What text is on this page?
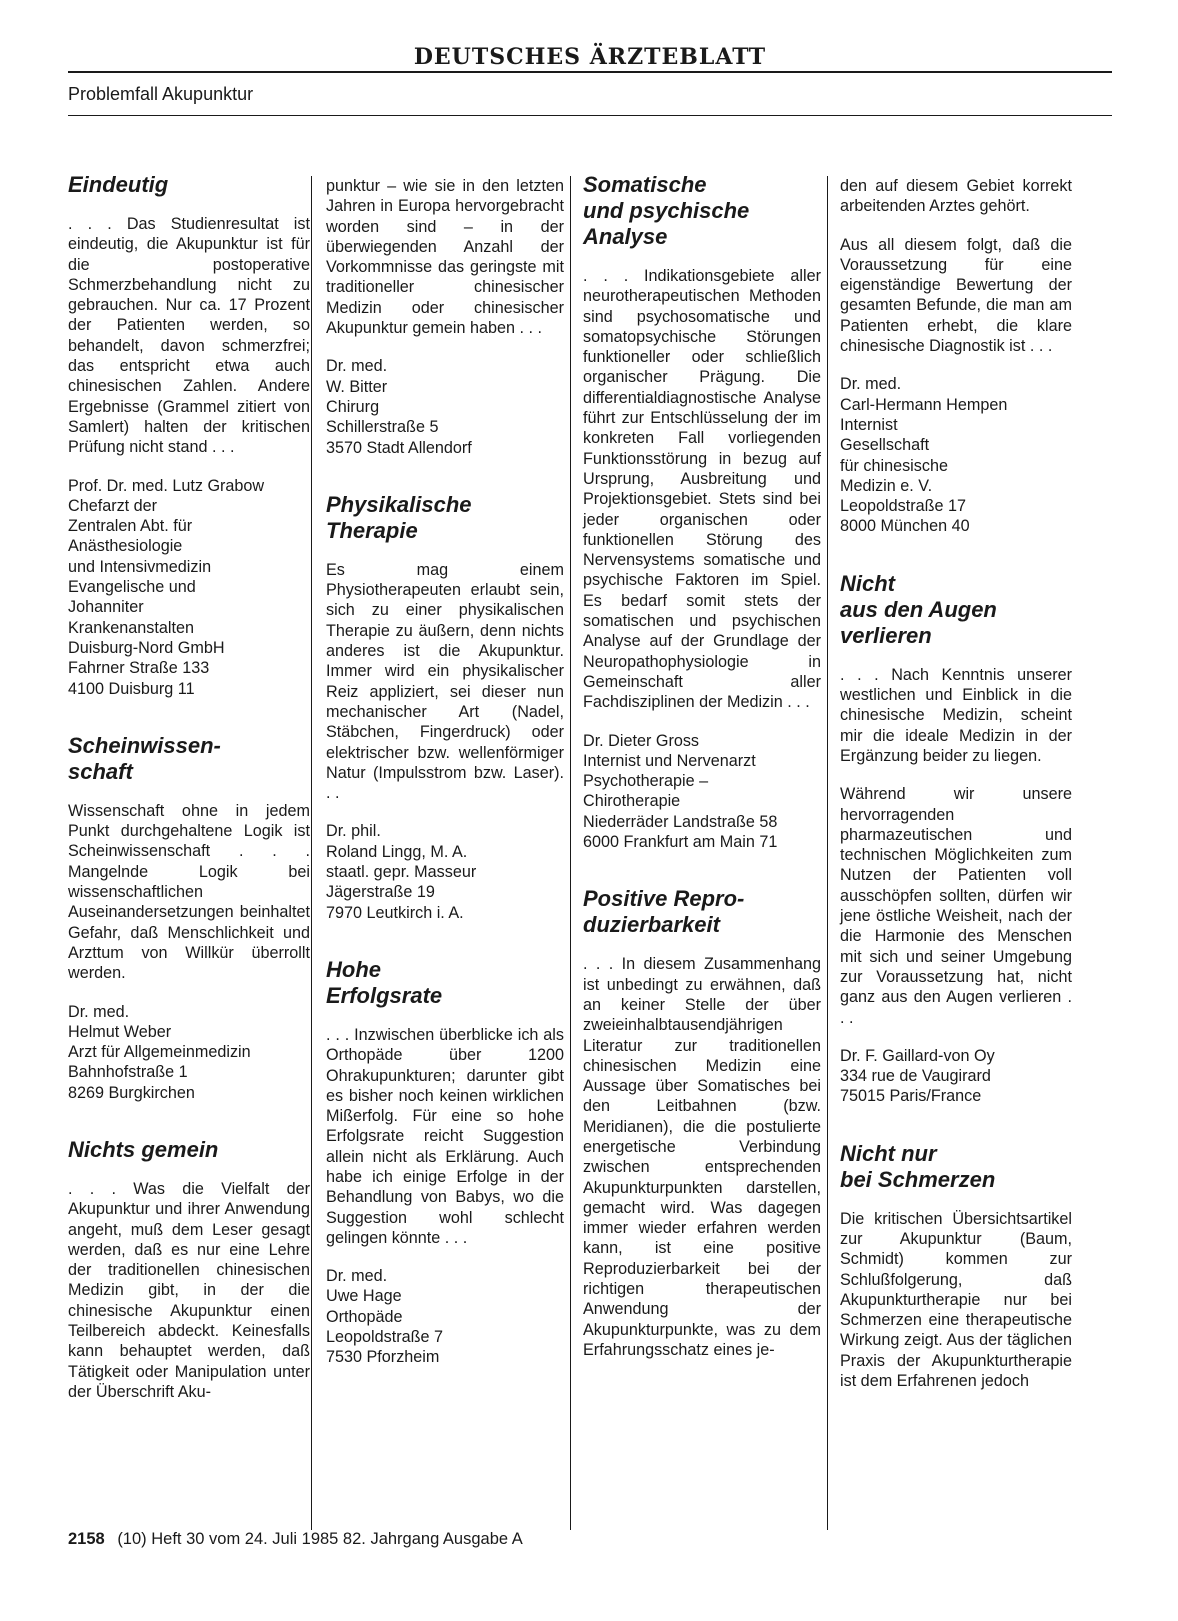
DEUTSCHES ÄRZTEBLATT
Problemfall Akupunktur
Eindeutig

. . . Das Studienresultat ist eindeutig, die Akupunktur ist für die postoperative Schmerzbehandlung nicht zu gebrauchen. Nur ca. 17 Prozent der Patienten werden, so behandelt, davon schmerzfrei; das entspricht etwa auch chinesischen Zahlen. Andere Ergebnisse (Grammel zitiert von Samlert) halten der kritischen Prüfung nicht stand . . .

Prof. Dr. med. Lutz Grabow
Chefarzt der
Zentralen Abt. für
Anästhesiologie
und Intensivmedizin
Evangelische und
Johanniter
Krankenanstalten
Duisburg-Nord GmbH
Fahrner Straße 133
4100 Duisburg 11

Scheinwissen-
schaft

Wissenschaft ohne in jedem Punkt durchgehaltene Logik ist Scheinwissenschaft . . . Mangelnde Logik bei wissenschaftlichen Auseinandersetzungen beinhaltet Gefahr, daß Menschlichkeit und Arzttum von Willkür überrollt werden.

Dr. med.
Helmut Weber
Arzt für Allgemeinmedizin
Bahnhofstraße 1
8269 Burgkirchen

Nichts gemein

. . . Was die Vielfalt der Akupunktur und ihrer Anwendung angeht, muß dem Leser gesagt werden, daß es nur eine Lehre der traditionellen chinesischen Medizin gibt, in der die chinesische Akupunktur einen Teilbereich abdeckt. Keinesfalls kann behauptet werden, daß Tätigkeit oder Manipulation unter der Überschrift Aku-

punktur – wie sie in den letzten Jahren in Europa hervorgebracht worden sind – in der überwiegenden Anzahl der Vorkommnisse das geringste mit traditioneller chinesischer Medizin oder chinesischer Akupunktur gemein haben . . .

Dr. med.
W. Bitter
Chirurg
Schillerstraße 5
3570 Stadt Allendorf

Physikalische
Therapie

Es mag einem Physiotherapeuten erlaubt sein, sich zu einer physikalischen Therapie zu äußern, denn nichts anderes ist die Akupunktur. Immer wird ein physikalischer Reiz appliziert, sei dieser nun mechanischer Art (Nadel, Stäbchen, Fingerdruck) oder elektrischer bzw. wellenförmiger Natur (Impulsstrom bzw. Laser). . .

Dr. phil.
Roland Lingg, M. A.
staatl. gepr. Masseur
Jägerstraße 19
7970 Leutkirch i. A.

Hohe
Erfolgsrate

. . . Inzwischen überblicke ich als Orthopäde über 1200 Ohrakupunkturen; darunter gibt es bisher noch keinen wirklichen Mißerfolg. Für eine so hohe Erfolgsrate reicht Suggestion allein nicht als Erklärung. Auch habe ich einige Erfolge in der Behandlung von Babys, wo die Suggestion wohl schlecht gelingen könnte . . .

Dr. med.
Uwe Hage
Orthopäde
Leopoldstraße 7
7530 Pforzheim

Somatische
und psychische
Analyse

. . . Indikationsgebiete aller neurotherapeutischen Methoden sind psychosomatische und somatopsychische Störungen funktioneller oder schließlich organischer Prägung. Die differentialdiagnostische Analyse führt zur Entschlüsselung der im konkreten Fall vorliegenden Funktionsstörung in bezug auf Ursprung, Ausbreitung und Projektionsgebiet. Stets sind bei jeder organischen oder funktionellen Störung des Nervensystems somatische und psychische Faktoren im Spiel. Es bedarf somit stets der somatischen und psychischen Analyse auf der Grundlage der Neuropathophysiologie in Gemeinschaft aller Fachdisziplinen der Medizin . . .

Dr. Dieter Gross
Internist und Nervenarzt
Psychotherapie –
Chirotherapie
Niederräder Landstraße 58
6000 Frankfurt am Main 71

Positive Repro-
duzierbarkeit

. . . In diesem Zusammenhang ist unbedingt zu erwähnen, daß an keiner Stelle der über zweieinhalbtausendjährigen Literatur zur traditionellen chinesischen Medizin eine Aussage über Somatisches bei den Leitbahnen (bzw. Meridianen), die die postulierte energetische Verbindung zwischen entsprechenden Akupunkturpunkten darstellen, gemacht wird. Was dagegen immer wieder erfahren werden kann, ist eine positive Reproduzierbarkeit bei der richtigen therapeutischen Anwendung der Akupunkturpunkte, was zu dem Erfahrungsschatz eines je-

den auf diesem Gebiet korrekt arbeitenden Arztes gehört.

Aus all diesem folgt, daß die Voraussetzung für eine eigenständige Bewertung der gesamten Befunde, die man am Patienten erhebt, die klare chinesische Diagnostik ist . . .

Dr. med.
Carl-Hermann Hempen
Internist
Gesellschaft
für chinesische
Medizin e. V.
Leopoldstraße 17
8000 München 40

Nicht
aus den Augen
verlieren

. . . Nach Kenntnis unserer westlichen und Einblick in die chinesische Medizin, scheint mir die ideale Medizin in der Ergänzung beider zu liegen.

Während wir unsere hervorragenden pharmazeutischen und technischen Möglichkeiten zum Nutzen der Patienten voll ausschöpfen sollten, dürfen wir jene östliche Weisheit, nach der die Harmonie des Menschen mit sich und seiner Umgebung zur Voraussetzung hat, nicht ganz aus den Augen verlieren . . .

Dr. F. Gaillard-von Oy
334 rue de Vaugirard
75015 Paris/France

Nicht nur
bei Schmerzen

Die kritischen Übersichtsartikel zur Akupunktur (Baum, Schmidt) kommen zur Schlußfolgerung, daß Akupunkturtherapie nur bei Schmerzen eine therapeutische Wirkung zeigt. Aus der täglichen Praxis der Akupunkturtherapie ist dem Erfahrenen jedoch

2158 (10) Heft 30 vom 24. Juli 1985 82. Jahrgang Ausgabe A
